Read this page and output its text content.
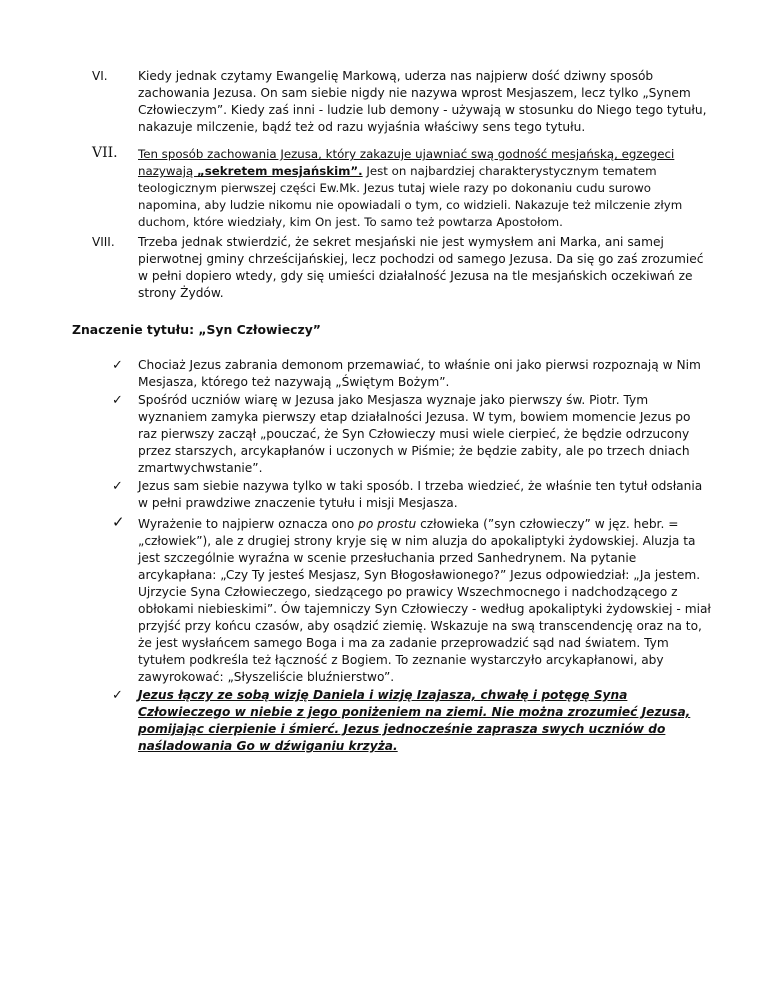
VI. Kiedy jednak czytamy Ewangelię Markową, uderza nas najpierw dość dziwny sposób zachowania Jezusa. On sam siebie nigdy nie nazywa wprost Mesjaszem, lecz tylko „Synem Człowieczym”. Kiedy zaś inni - ludzie lub demony - używają w stosunku do Niego tego tytułu, nakazuje milczenie, bądź też od razu wyjaśnia właściwy sens tego tytułu.
VII. Ten sposób zachowania Jezusa, który zakazuje ujawniać swą godność mesjańską, egzegeci nazywają „sekretem mesjańskim”. Jest on najbardziej charakterystycznym tematem teologicznym pierwszej części Ew.Mk. Jezus tutaj wiele razy po dokonaniu cudu surowo napomina, aby ludzie nikomu nie opowiadali o tym, co widzieli. Nakazuje też milczenie złym duchom, które wiedziały, kim On jest. To samo też powtarza Apostołom.
VIII. Trzeba jednak stwierdzić, że sekret mesjański nie jest wymysłem ani Marka, ani samej pierwotnej gminy chrześcijańskiej, lecz pochodzi od samego Jezusa. Da się go zaś zrozumieć w pełni dopiero wtedy, gdy się umieści działalność Jezusa na tle mesjańskich oczekiwań ze strony Żydów.
Znaczenie tytułu: „Syn Człowieczy”
✓ Chociaż Jezus zabrania demonom przemawiać, to właśnie oni jako pierwsi rozpoznają w Nim Mesjasza, którego też nazywają „Świętym Bożym”.
✓ Spośród uczniów wiarę w Jezusa jako Mesjasza wyznaje jako pierwszy św. Piotr. Tym wyznaniem zamyka pierwszy etap działalności Jezusa. W tym, bowiem momencie Jezus po raz pierwszy zaczął „pouczać, że Syn Człowieczy musi wiele cierpieć, że będzie odrzucony przez starszych, arcykapłanów i uczonych w Piśmie; że będzie zabity, ale po trzech dniach zmartwychwstanie”.
✓ Jezus sam siebie nazywa tylko w taki sposób. I trzeba wiedzieć, że właśnie ten tytuł odsłania w pełni prawdziwe znaczenie tytułu i misji Mesjasza.
✓ Wyrażenie to najpierw oznacza ono po prostu człowieka (”syn człowieczy” w jęz. hebr. = „człowiek”), ale z drugiej strony kryje się w nim aluzja do apokaliptyki żydowskiej. Aluzja ta jest szczególnie wyraźna w scenie przesłuchania przed Sanhedrynem. Na pytanie arcykapłana: „Czy Ty jesteś Mesjasz, Syn Błogosławionego?” Jezus odpowiedział: „Ja jestem. Ujrzycie Syna Człowieczego, siedzącego po prawicy Wszechmocnego i nadchodzącego z obłokami niebieskimi”. Ów tajemniczy Syn Człowieczy - według apokaliptyki żydowskiej - miał przyjść przy końcu czasów, aby osądzić ziemię. Wskazuje na swą transcendencję oraz na to, że jest wysłańcem samego Boga i ma za zadanie przeprowadzić sąd nad światem. Tym tytułem podkreśla też łączność z Bogiem. To zeznanie wystarczyło arcykapłanowi, aby zawyrokować: „Słyszeliście bluźnierstwo”.
✓ Jezus łączy ze sobą wizję Daniela i wizję Izajasza, chwałę i potęgę Syna Człowieczego w niebie z jego poniżeniem na ziemi. Nie można zrozumieć Jezusa, pomijając cierpienie i śmierć. Jezus jednocześnie zaprasza swych uczniów do naśladowania Go w dźwiganiu krzyża.
